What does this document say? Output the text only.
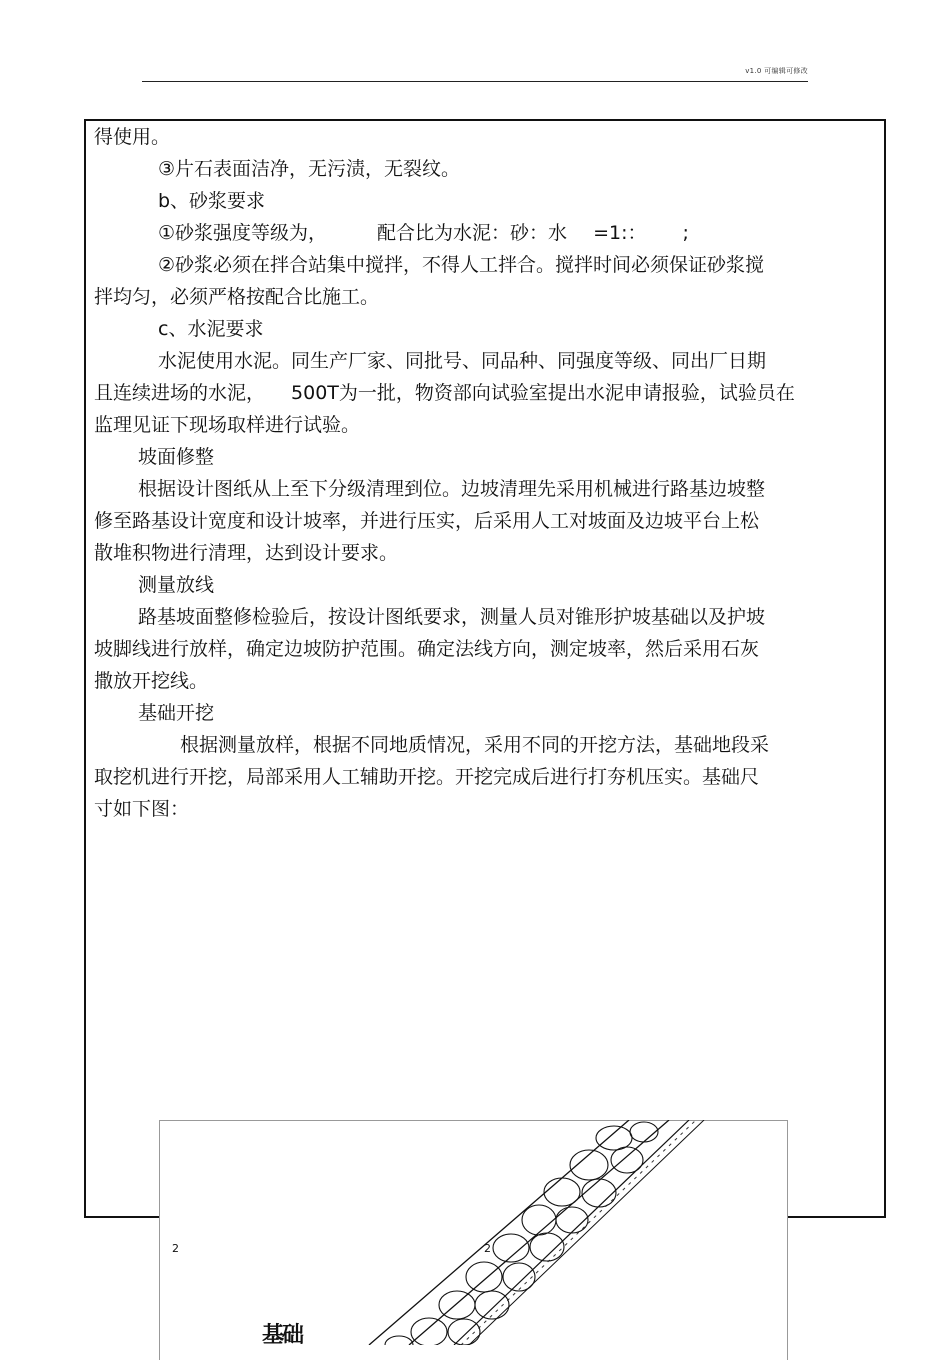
v1.0 可编辑可修改
得使用。
③片石表面洁净，无污渍，无裂纹。
b、砂浆要求
①砂浆强度等级为，	配合比为水泥：砂：水 =1:： ;
②砂浆必须在拌合站集中搅拌，不得人工拌合。搅拌时间必须保证砂浆搅
拌均匀，必须严格按配合比施工。
c、水泥要求
水泥使用水泥。同生产厂家、同批号、同品种、同强度等级、同出厂日期
且连续进场的水泥， 500T为一批，物资部向试验室提出水泥申请报验，试验员在
监理见证下现场取样进行试验。
坡面修整
根据设计图纸从上至下分级清理到位。边坡清理先采用机械进行路基边坡整
修至路基设计宽度和设计坡率，并进行压实，后采用人工对坡面及边坡平台上松
散堆积物进行清理，达到设计要求。
测量放线
路基坡面整修检验后，按设计图纸要求，测量人员对锥形护坡基础以及护坡
坡脚线进行放样，确定边坡防护范围。确定法线方向，测定坡率，然后采用石灰
撒放开挖线。
基础开挖
根据测量放样，根据不同地质情况，采用不同的开挖方法，基础地段采
取挖机进行开挖，局部采用人工辅助开挖。开挖完成后进行打夯机压实。基础尺
寸如下图：
2	2
基础
